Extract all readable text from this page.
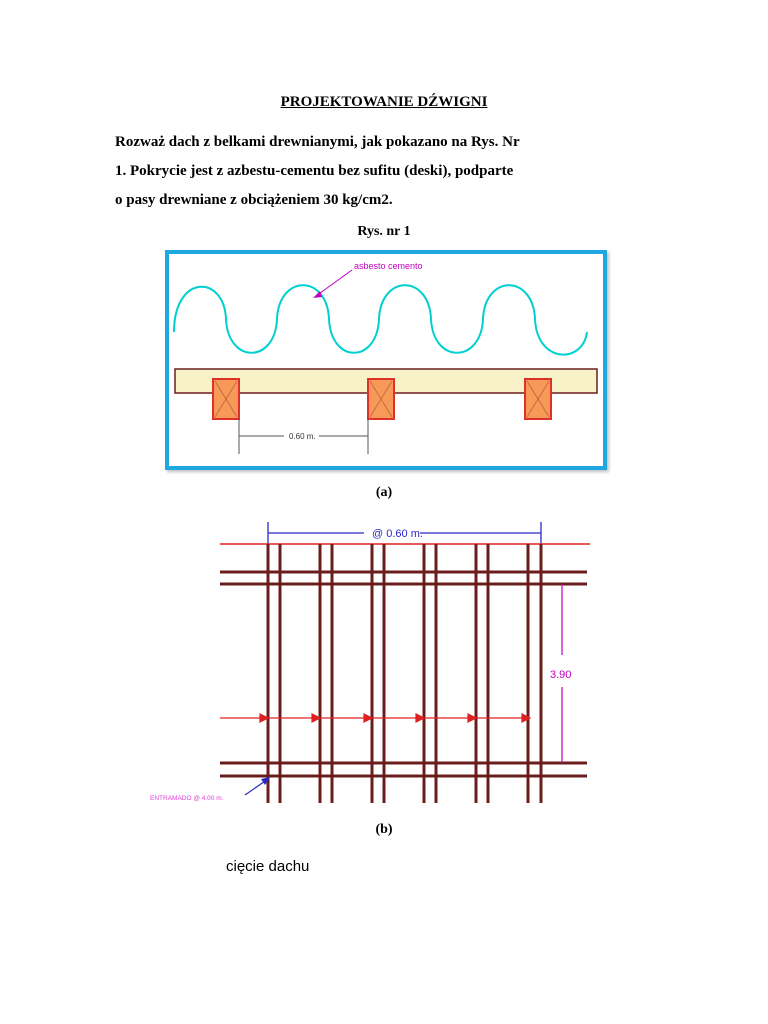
PROJEKTOWANIE DŹWIGNI
Rozważ dach z belkami drewnianymi, jak pokazano na Rys. Nr
1. Pokrycie jest z azbestu-cementu bez sufitu (deski), podparte
o pasy drewniane z obciążeniem 30 kg/cm2.
Rys. nr 1
asbesto cemento
0.60 m.
(a)
@ 0.60 m.
3.90
ENTRAMADO @ 4.00 m.
(b)
cięcie dachu
